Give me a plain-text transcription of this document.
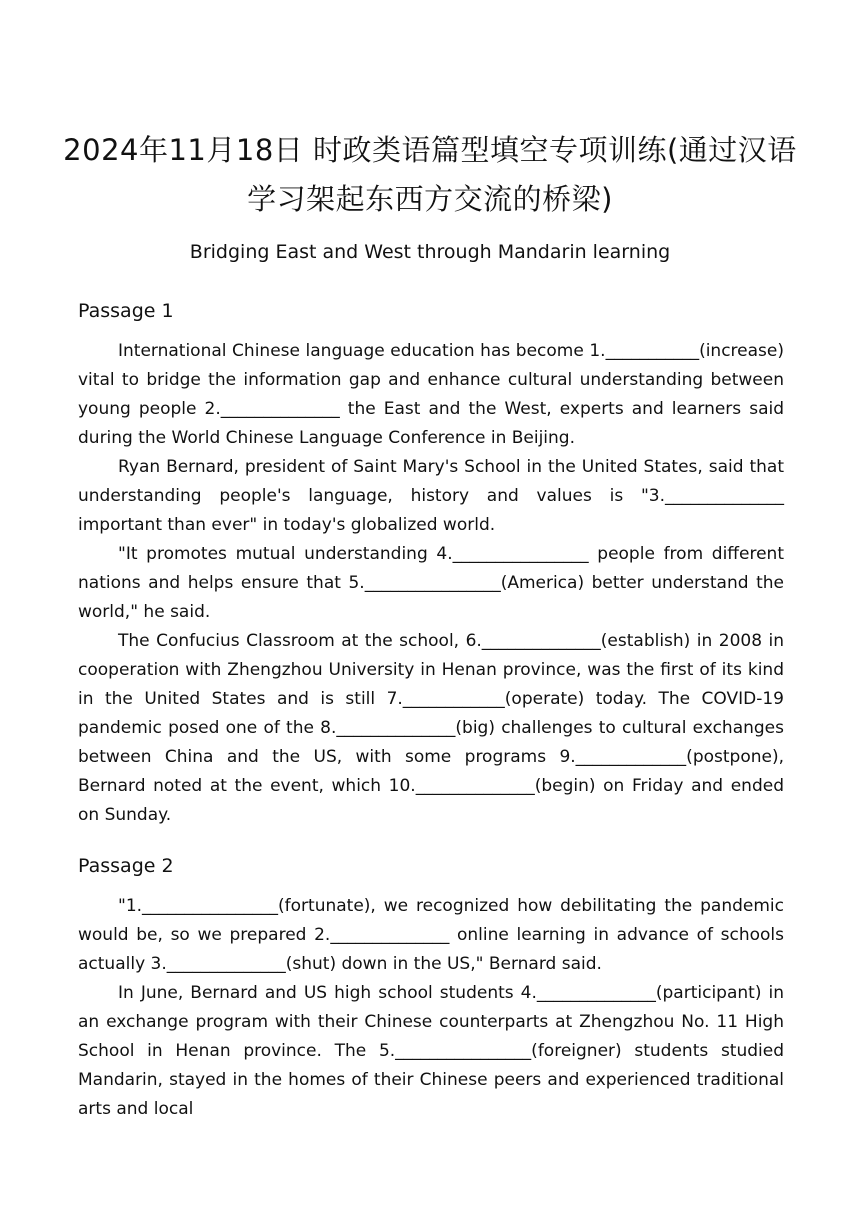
2024年11月18日 时政类语篇型填空专项训练(通过汉语学习架起东西方交流的桥梁)
Bridging East and West through Mandarin learning
Passage 1

International Chinese language education has become 1.___________(increase) vital to bridge the information gap and enhance cultural understanding between young people 2.______________ the East and the West, experts and learners said during the World Chinese Language Conference in Beijing.

Ryan Bernard, president of Saint Mary's School in the United States, said that understanding people's language, history and values is "3.______________ important than ever" in today's globalized world.

"It promotes mutual understanding 4.________________ people from different nations and helps ensure that 5.________________(America) better understand the world," he said.

The Confucius Classroom at the school, 6.______________(establish) in 2008 in cooperation with Zhengzhou University in Henan province, was the first of its kind in the United States and is still 7.____________(operate) today. The COVID-19 pandemic posed one of the 8.______________(big) challenges to cultural exchanges between China and the US, with some programs 9._____________(postpone), Bernard noted at the event, which 10.______________(begin) on Friday and ended on Sunday.

Passage 2

"1.________________(fortunate), we recognized how debilitating the pandemic would be, so we prepared 2.______________ online learning in advance of schools actually 3.______________(shut) down in the US," Bernard said.

In June, Bernard and US high school students 4.______________(participant) in an exchange program with their Chinese counterparts at Zhengzhou No. 11 High School in Henan province. The 5.________________(foreigner) students studied Mandarin, stayed in the homes of their Chinese peers and experienced traditional arts and local
